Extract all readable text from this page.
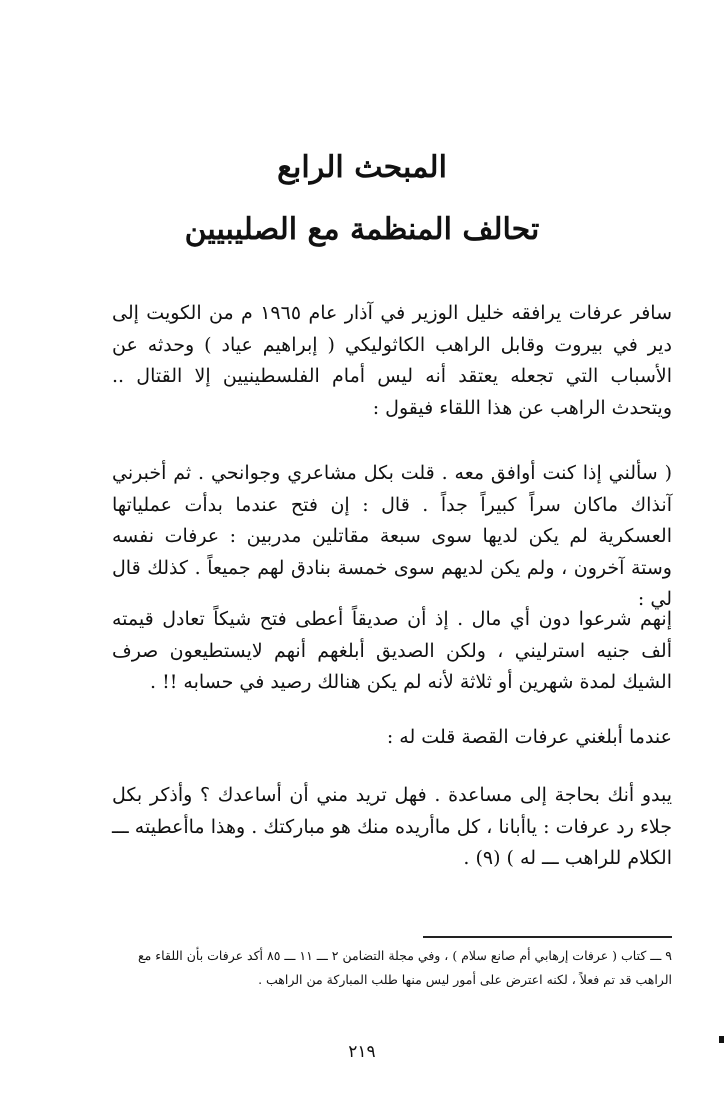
المبحث الرابع
تحالف المنظمة مع الصليبيين

سافر عرفات يرافقه خليل الوزير في آذار عام ١٩٦٥ م من الكويت إلى دير في بيروت وقابل الراهب الكاثوليكي ( إبراهيم عياد ) وحدثه عن الأسباب التي تجعله يعتقد أنه ليس أمام الفلسطينيين إلا القتال .. ويتحدث الراهب عن هذا اللقاء فيقول :

( سألني إذا كنت أوافق معه . قلت بكل مشاعري وجوانحي . ثم أخبرني آنذاك ماكان سراً كبيراً جداً . قال : إن فتح عندما بدأت عملياتها العسكرية لم يكن لديها سوى سبعة مقاتلين مدربين : عرفات نفسه وستة آخرون ، ولم يكن لديهم سوى خمسة بنادق لهم جميعاً . كذلك قال لي :

إنهم شرعوا دون أي مال . إذ أن صديقاً أعطى فتح شيكاً تعادل قيمته ألف جنيه استرليني ، ولكن الصديق أبلغهم أنهم لايستطيعون صرف الشيك لمدة شهرين أو ثلاثة لأنه لم يكن هنالك رصيد في حسابه !! .

عندما أبلغني عرفات القصة قلت له :

يبدو أنك بحاجة إلى مساعدة . فهل تريد مني أن أساعدك ؟ وأذكر بكل جلاء رد عرفات : ياأبانا ، كل ماأريده منك هو مباركتك . وهذا ماأعطيته ـــ الكلام للراهب ـــ له ) (٩) .

٩ ـــ كتاب ( عرفات إرهابي أم صانع سلام ) ، وفي مجلة التضامن ٢ ـــ ١١ ـــ ٨٥ أكد عرفات بأن اللقاء مع الراهب قد تم فعلاً ، لكنه اعترض على أمور ليس منها طلب المباركة من الراهب .

٢١٩
